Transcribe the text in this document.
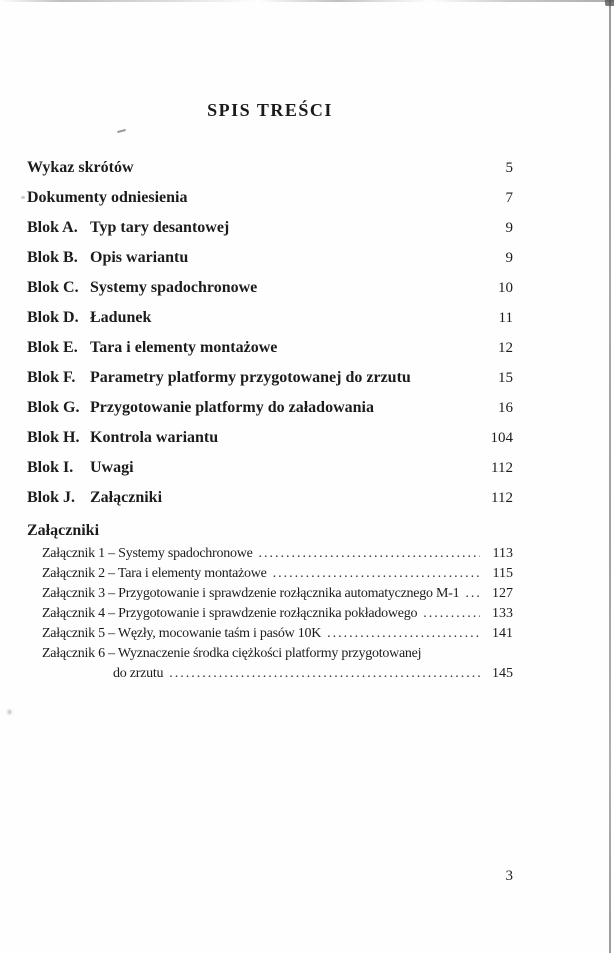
SPIS TREŚCI
Wykaz skrótów .....	5
Dokumenty odniesienia .....	7
Blok A. Typ tary desantowej .....	9
Blok B. Opis wariantu .....	9
Blok C. Systemy spadochronowe .....	10
Blok D. Ładunek .....	11
Blok E. Tara i elementy montażowe .....	12
Blok F. Parametry platformy przygotowanej do zrzutu .....	15
Blok G. Przygotowanie platformy do załadowania .....	16
Blok H. Kontrola wariantu .....	104
Blok I.	Uwagi .....	112
Blok J. Załączniki .....	112
Załączniki
Załącznik 1 – Systemy spadochronowe .....	113
Załącznik 2 – Tara i elementy montażowe .....	115
Załącznik 3 – Przygotowanie i sprawdzenie rozłącznika automatycznego M-1 .....	127
Załącznik 4 – Przygotowanie i sprawdzenie rozłącznika pokładowego .....	133
Załącznik 5 – Węzły, mocowanie taśm i pasów 10K .....	141
Załącznik 6 – Wyznaczenie środka ciężkości platformy przygotowanej
do zrzutu .....	145
3
